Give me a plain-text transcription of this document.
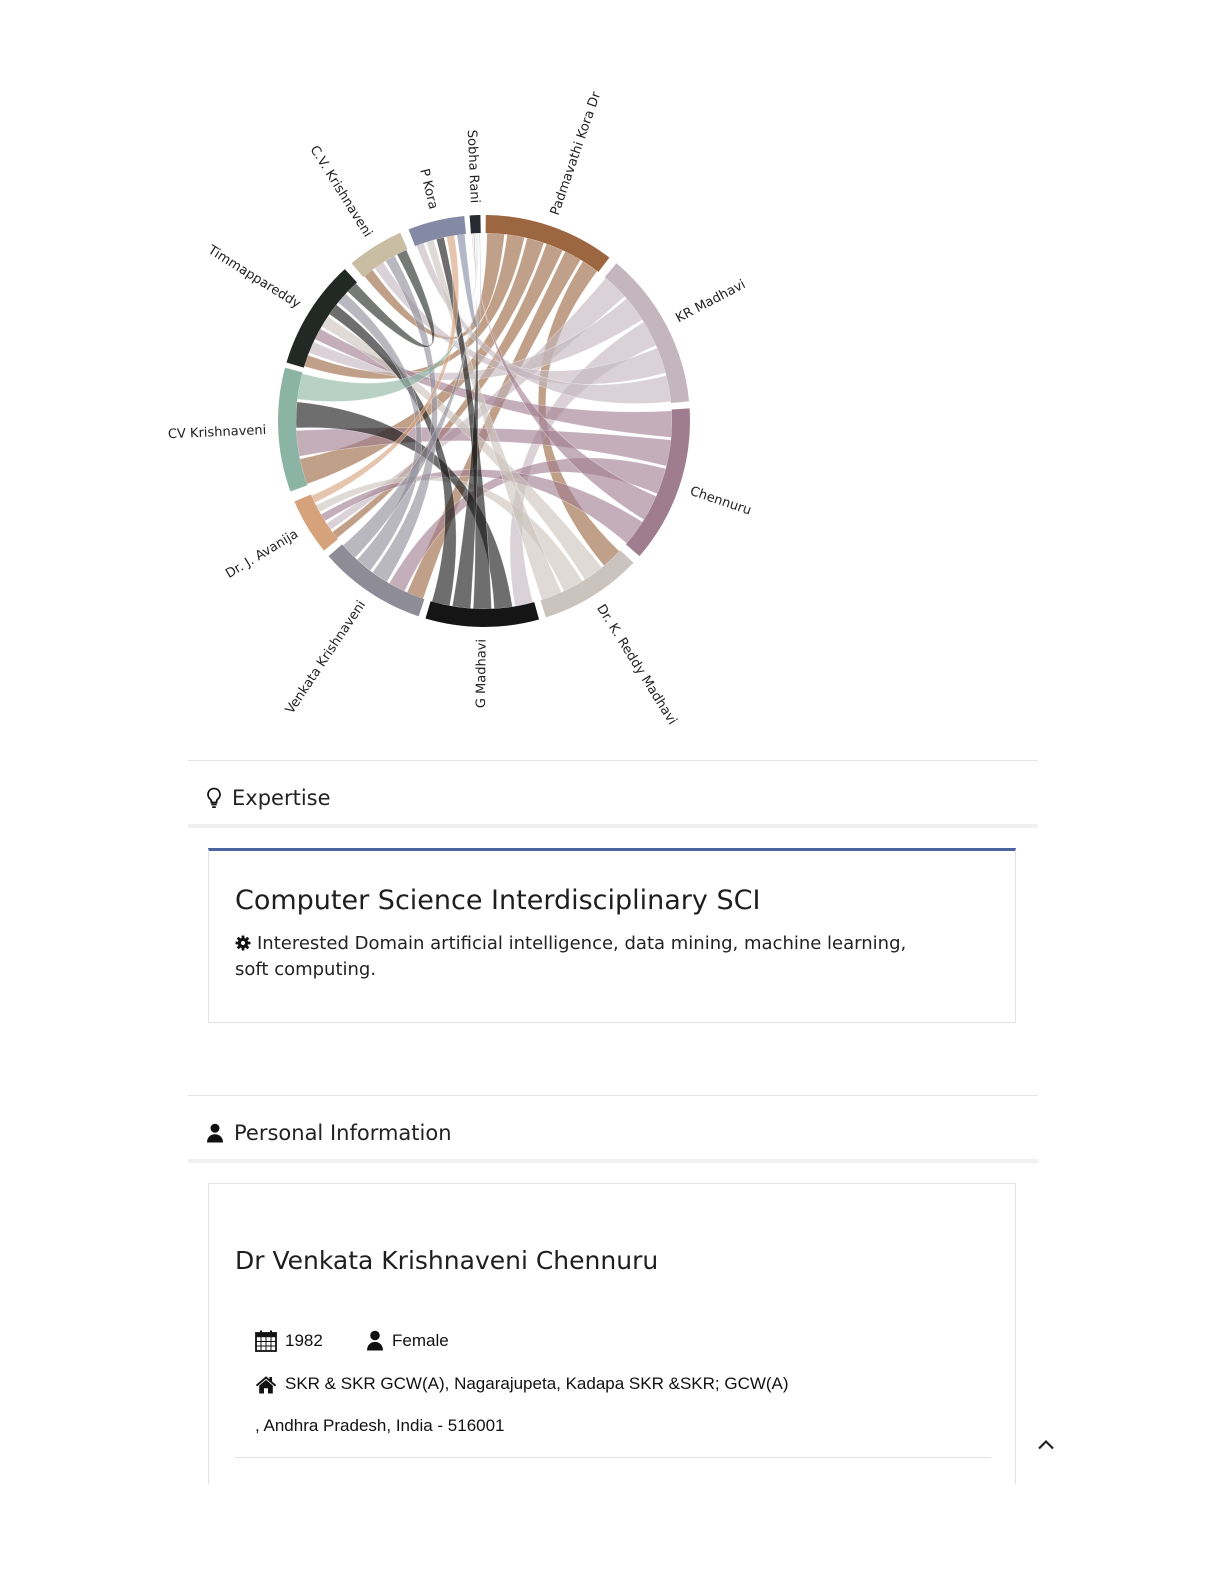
Padmavathi Kora Dr
KR Madhavi
Chennuru
Dr. K. Reddy Madhavi
G Madhavi
Venkata Krishnaveni
Dr. J. Avanija
CV Krishnaveni
Timmappareddy
C.V. Krishnaveni	P Kora Sobha Rani
Expertise
Computer Science Interdisciplinary SCI
Interested Domain artificial intelligence, data mining, machine learning, soft computing.
Personal Information
Dr Venkata Krishnaveni Chennuru
1982	Female
SKR & SKR GCW(A), Nagarajupeta, Kadapa SKR &SKR; GCW(A)
, Andhra Pradesh, India - 516001
